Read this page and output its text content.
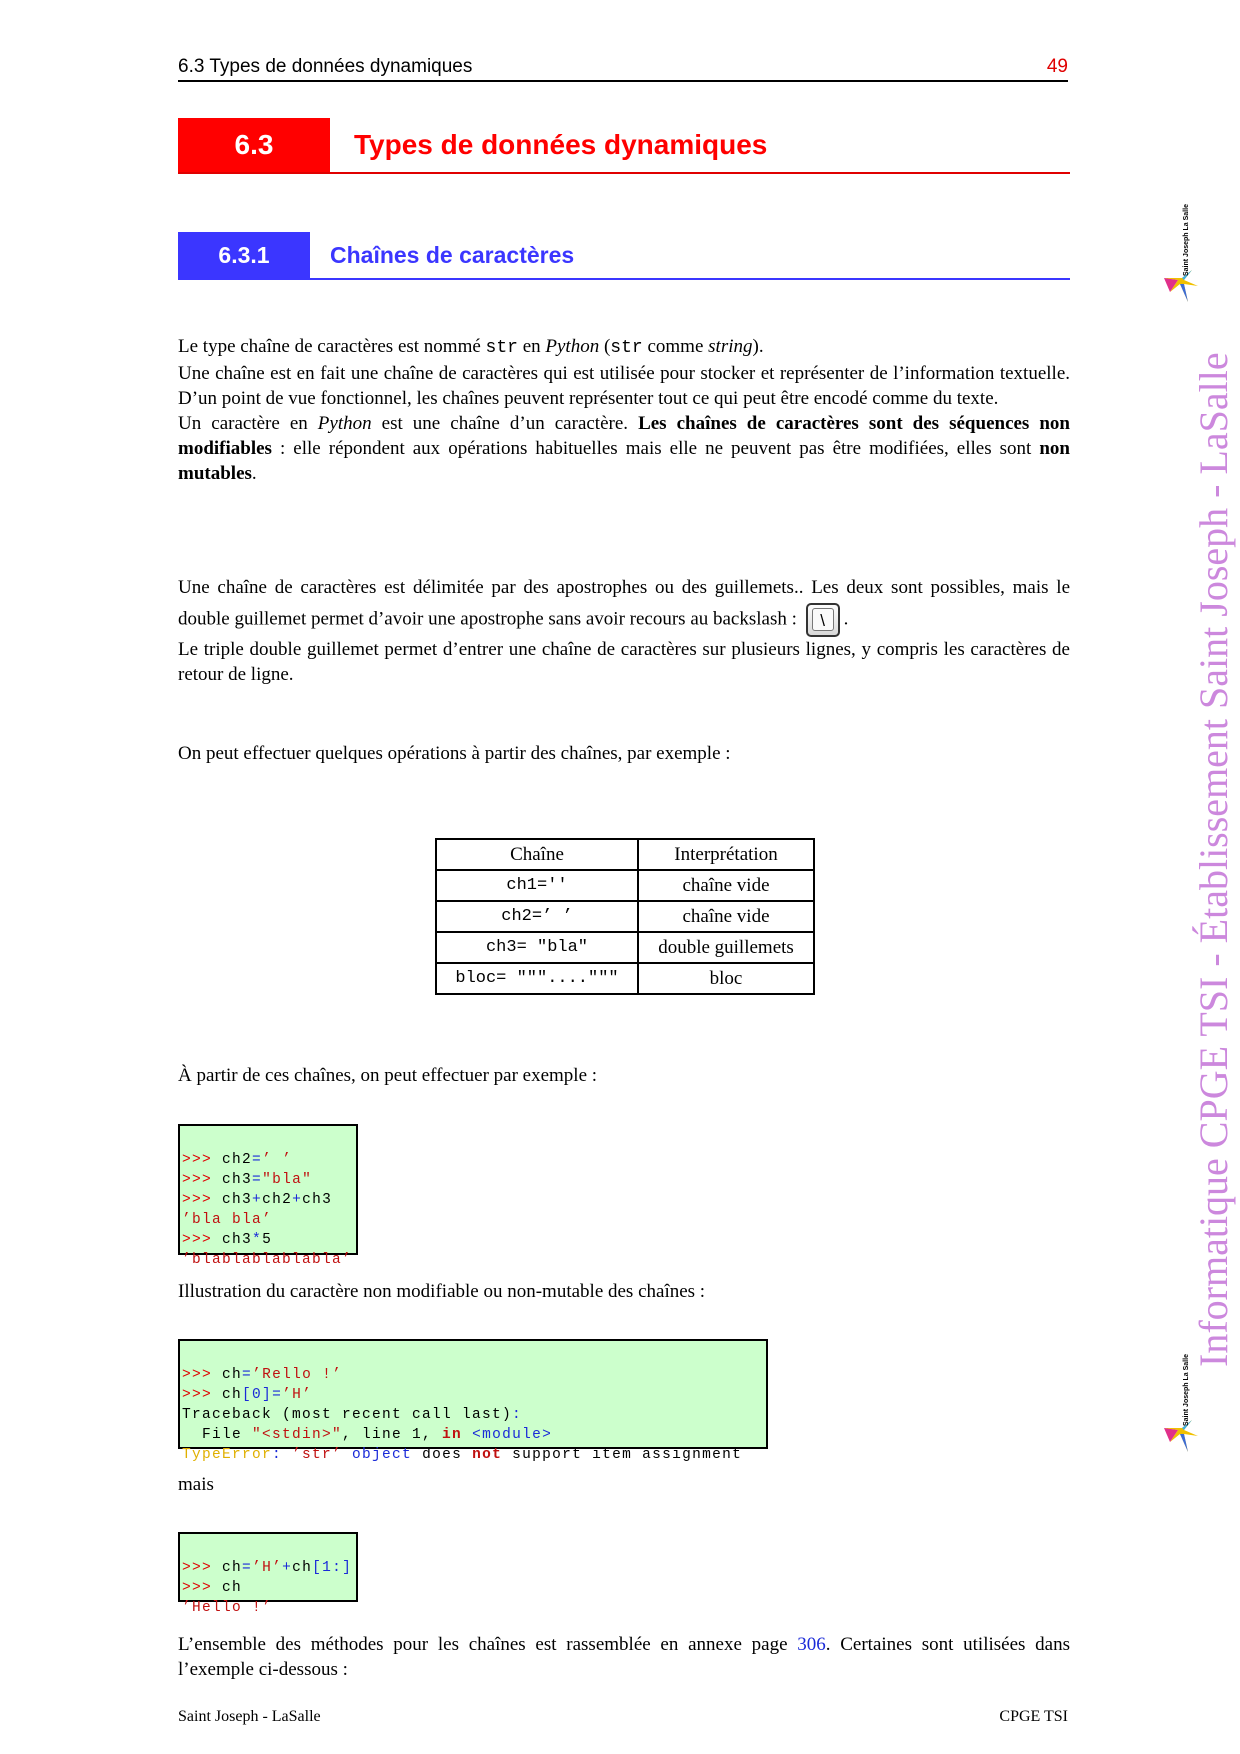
6.3 Types de données dynamiques	49
6.3	Types de données dynamiques
6.3.1	Chaînes de caractères
Le type chaîne de caractères est nommé str en Python (str comme string).
Une chaîne est en fait une chaîne de caractères qui est utilisée pour stocker et représenter de l’information textuelle. D’un point de vue fonctionnel, les chaînes peuvent représenter tout ce qui peut être encodé comme du texte.
Un caractère en Python est une chaîne d’un caractère. Les chaînes de caractères sont des séquences non modifiables : elle répondent aux opérations habituelles mais elle ne peuvent pas être modifiées, elles sont non mutables.
Une chaîne de caractères est délimitée par des apostrophes ou des guillemets.. Les deux sont possibles, mais le double guillemet permet d’avoir une apostrophe sans avoir recours au backslash :	\ .
Le triple double guillemet permet d’entrer une chaîne de caractères sur plusieurs lignes, y compris les caractères de retour de ligne.
On peut effectuer quelques opérations à partir des chaînes, par exemple :
Chaîne	Interprétation
ch1=''	chaîne vide
ch2=’ ’	chaîne vide
ch3= "bla"	double guillemets
bloc= """...."""	bloc
À partir de ces chaînes, on peut effectuer par exemple :

>>> ch2=’ ’
>>> ch3="bla"
>>> ch3+ch2+ch3
’bla bla’
>>> ch3*5
’blablablablabla’

Illustration du caractère non modifiable ou non-mutable des chaînes :

>>> ch=’Rello !’
>>> ch[0]=’H’
Traceback (most recent call last):
File "<stdin>", line 1, in <module>
TypeError: ’str’ object does not support item assignment

mais

>>> ch=’H’+ch[1:]
>>> ch
’Hello !’

L’ensemble des méthodes pour les chaînes est rassemblée en annexe page 306. Certaines sont utilisées dans l’exemple ci-dessous :
Saint Joseph - LaSalle	CPGE TSI
Saint Joseph La Salle
Informatique CPGE TSI - Établissement Saint Joseph - LaSalle
Saint Joseph La Salle
